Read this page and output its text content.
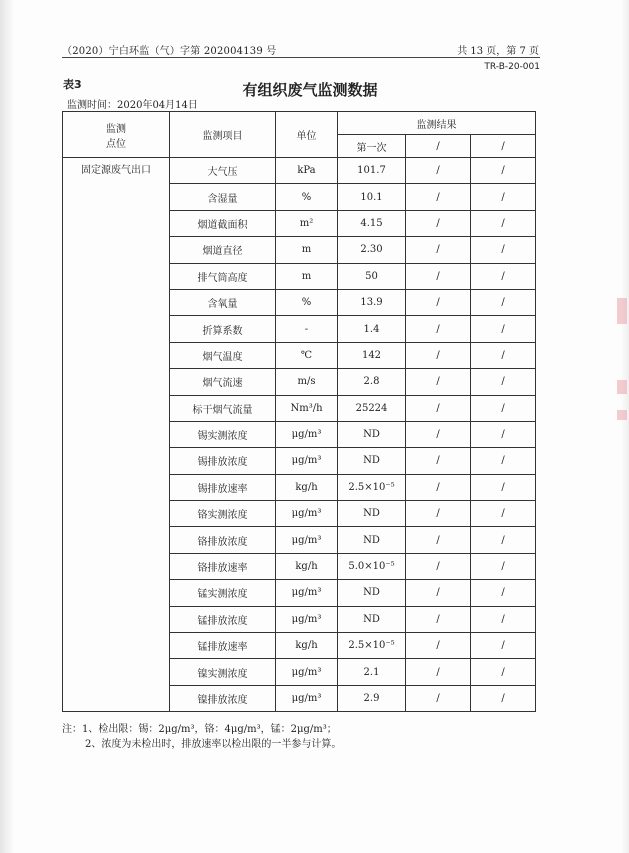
（2020）宁白环监（气）字第 202004139 号	共 13 页，第 7 页
TR-B-20-001
表3	有组织废气监测数据
监测时间：2020年04月14日
监测
点位	监测项目	单位	监测结果		
			第一次	/	/
固定源废气出口	大气压	kPa	101.7	/	/
	含湿量	%	10.1	/	/
	烟道截面积	m²	4.15	/	/
	烟道直径	m	2.30	/	/
	排气筒高度	m	50	/	/
	含氧量	%	13.9	/	/
	折算系数	-	1.4	/	/
	烟气温度	℃	142	/	/
	烟气流速	m/s	2.8	/	/
	标干烟气流量	Nm³/h	25224	/	/
	锡实测浓度	μg/m³	ND	/	/
	锡排放浓度	μg/m³	ND	/	/
	锡排放速率	kg/h	2.5×10⁻⁵	/	/
	铬实测浓度	μg/m³	ND	/	/
	铬排放浓度	μg/m³	ND	/	/
	铬排放速率	kg/h	5.0×10⁻⁵	/	/
	锰实测浓度	μg/m³	ND	/	/
	锰排放浓度	μg/m³	ND	/	/
	锰排放速率	kg/h	2.5×10⁻⁵	/	/
	镍实测浓度	μg/m³	2.1	/	/
	镍排放浓度	μg/m³	2.9	/	/
注：1、检出限：锡：2μg/m³，铬：4μg/m³，锰：2μg/m³；
2、浓度为未检出时，排放速率以检出限的一半参与计算。
